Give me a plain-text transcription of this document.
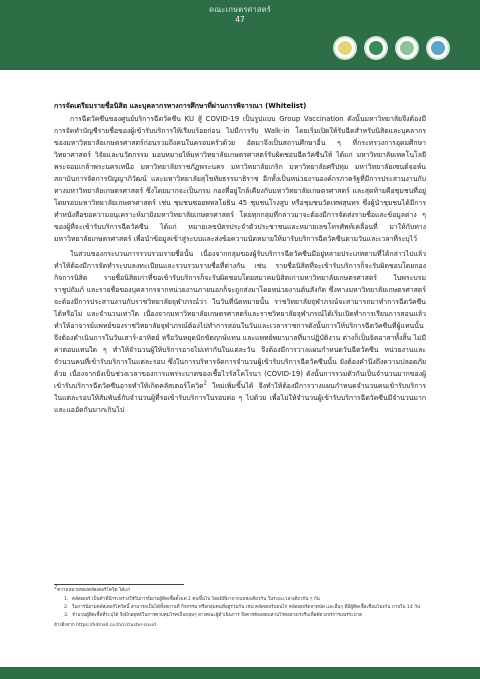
คณะเกษตรศาสตร์
47

การจัดเตรียมรายชื่อนิสิต และบุคลากรทางการศึกษาที่ผ่านการพิจารณา (Whitelist)

การฉีดวัคซีนของศูนย์บริการฉีดวัคซีน KU สู้ COVID-19 เป็นรูปแบบ Group Vaccination ดังนั้นมหาวิทยาลัยจึงต้องมีการจัดทำบัญชีรายชื่อของผู้เข้ารับบริการให้เรียบร้อยก่อน ไม่มีการรับ Walk-in โดยเริ่มเปิดให้รับฉีดสำหรับนิสิตและบุคลากรของมหาวิทยาลัยเกษตรศาสตร์ก่อนรวมถึงคนในครอบครัวด้วย อัตมาจึงเป็นสถานศึกษาอื่น ๆ ที่กระทรวงการอุดมศึกษา วิทยาศาสตร์ วิจัยและนวัตกรรม มอบหมายให้มหาวิทยาลัยเกษตรศาสตร์รับผิดชอบฉีดวัคซีนให้ ได้แก่ มหาวิทยาลัยเทคโนโลยีพระจอมเกล้าพระนครเหนือ มหาวิทยาลัยราชภัฏพระนคร มหาวิทยาลัยเกริก มหาวิทยาลัยศรีปทุม มหาวิทยาลัยเซนต์จอห์น สถาบันการจัดการปัญญาภิวัฒน์ และมหาวิทยาลัยสุโขทัยธรรมาธิราช อีกทั้งเป็นหน่วยงานองค์กรภาครัฐที่มีการประสานงานกับทางมหาวิทยาลัยเกษตรศาสตร์ ซึ่งโดยมากจะเป็นกรม กองที่อยู่ใกล้เคียงกับมหาวิทยาลัยเกษตรศาสตร์ และสุดท้ายคือชุมชนที่อยู่โดยรอบมหาวิทยาลัยเกษตรศาสตร์ เช่น ชุมชนซอยพหลโยธิน 45 ชุมชนโรงสูบ หรือชุมชนวัดเทพสุนทร ซึ่งผู้นำชุมชนได้มีการทำหนังสือขอความอนุเคราะห์มายังมหาวิทยาลัยเกษตรศาสตร์ โดยทุกกลุ่มที่กล่าวมาจะต้องมีการจัดส่งรายชื่อและข้อมูลต่าง ๆ ของผู้ที่จะเข้ารับบริการฉีดวัคซีน ได้แก่ หมายเลขบัตรประจำตัวประชาชนและหมายเลขโทรศัพท์เคลื่อนที่ มาให้กับทางมหาวิทยาลัยเกษตรศาสตร์ เพื่อนำข้อมูลเข้าสู่ระบบและส่งข้อความนัดหมายให้มารับบริการฉีดวัคซีนตามวันและเวลาที่ระบุไว้

ในส่วนของกระบวนการรวบรวมรายชื่อนั้น เนื่องจากกลุ่มของผู้รับบริการฉีดวัคซีนมีอยู่หลายประเภทตามที่ได้กล่าวไปแล้ว ทำให้ต้องมีการจัดทำระบบลงทะเบียนและรวบรวมรายชื่อที่ต่างกัน เช่น รายชื่อนิสิตที่จะเข้ารับบริการก็จะรับผิดชอบโดยกองกิจการนิสิต รายชื่อนิสิตเก่าที่ขอเข้ารับบริการก็จะรับผิดชอบโดยสมาคมนิสิตเก่ามหาวิทยาลัยเกษตรศาสตร์ ในพระบรมราชูปถัมภ์ และรายชื่อของบุคลากรจากหน่วยงานภายนอกก็จะถูกส่งมาโดยหน่วยงานต้นสังกัด ซึ่งทางมหาวิทยาลัยเกษตรศาสตร์จะต้องมีการประสานงานกับราชวิทยาลัยจุฬาภรณ์ว่า ในวันที่นัดหมายนั้น ราชวิทยาลัยจุฬาภรณ์จะสามารถมาทำการฉีดวัคซีนได้หรือไม่ และจำนวนเท่าใด เนื่องจากมหาวิทยาลัยเกษตรศาสตร์และราชวิทยาลัยจุฬาภรณ์ได้เริ่มเปิดทำการเรียนการสอนแล้ว ทำให้อาจารย์แพทย์ของราชวิทยาลัยจุฬาภรณ์ต้องไปทำการสอนในวันและเวลาราชการดังนั้นการให้บริการฉีดวัคซีนที่ผู้แทนนั้นจึงต้องดำเนินการในวันเสาร์-อาทิตย์ หรือวันหยุดนักขัตฤกษ์แทน และแพทย์พยาบาลที่มาปฏิบัติงาน ต่างก็เป็นจิตอาสาทั้งสิ้น ไม่มีค่าตอบแทนใด ๆ ทำให้จำนวนผู้ให้บริการอาจไม่เท่ากันในแต่ละวัน จึงต้องมีการวางแผนกำหนดวันฉีดวัคซีน หน่วยงานและจำนวนคนที่เข้ารับบริการในแต่ละรอบ ซึ่งในการบริหารจัดการจำนวนผู้เข้ารับบริการฉีดวัคซีนนั้น ยังต้องคำนึงถึงความปลอดภัยด้วย เนื่องจากยังเป็นช่วงเวลาของการแพร่ระบาดของเชื้อไวรัสโคโรนา (COVID-19) ดังนั้นการรวมตัวกันเป็นจำนวนมากของผู้เข้ารับบริการฉีดวัคซีนอาจทำให้เกิดคลัสเตอร์โควิด$^2$ ใหม่เพิ่มขึ้นได้ จึงทำให้ต้องมีการวางแผนกำหนดจำนวนคนเข้ารับบริการในแต่ละรอบให้สัมพันธ์กับจำนวนผู้ที่รอเข้ารับบริการในรอบต่อ ๆ ไปด้วย เพื่อไม่ให้จำนวนผู้เข้ารับบริการฉีดวัคซีนมีจำนวนมากและแออัดกันมากเกินไป

2ความหมายของคลัสเตอร์โควิด ได้แก่
1. คลัสเตอร์ เป็นคำที่มีกระทรวงใช้ในการนิยามผู้ติดเชื้อตั้งแต่ 2 คนขึ้นไป โดยมีที่มาจากแหล่งเดียวกัน ในระยะเวลาเดียวกัน ๆ กัน
2. ในการนิยามคลัสเตอร์โควิดนี้ สามารถเป็นได้ทั้งสถานที่ กิจกรรม หรือกลุ่มคนที่อยู่ร่วมกัน เช่น คลัสเตอร์บ่อนไก่ คลัสเตอร์ตลาดนัด และอื่นๆ ที่มีผู้ติดเชื้อเชื่อมโยงกัน ภายใน 14 วัน
3. จำนวนผู้ติดเชื้อที่ระบุได้ จึงมีกลยุทธ์ในการควบคุมโรคเป็นกลุ่มๆ ทางคณะผู้ดำเนินการ จึงควรต้องสอบสวนโรคอย่างเร่งรีบเพื่อตัดวงจรการแพร่ระบาด
อ้างอิงจาก https://hdmall.co.th/c/cluster-covid
